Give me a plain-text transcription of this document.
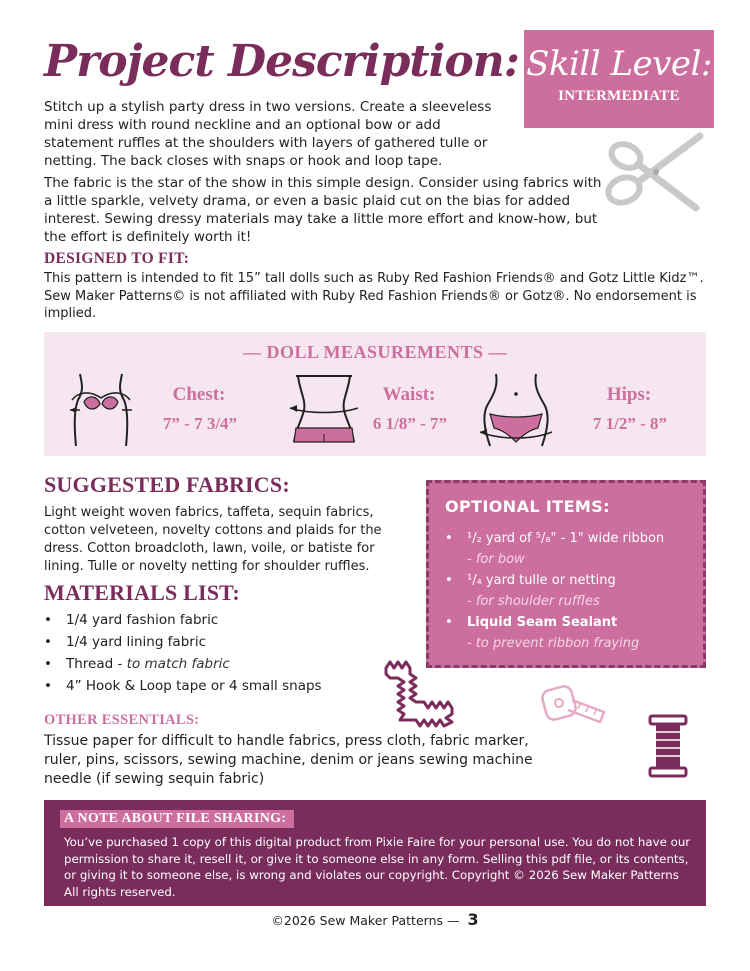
Project Description: Skill Level:
INTERMEDIATE

Stitch up a stylish party dress in two versions. Create a sleeveless mini dress with round neckline and an optional bow or add statement ruffles at the shoulders with layers of gathered tulle or netting. The back closes with snaps or hook and loop tape.

The fabric is the star of the show in this simple design. Consider using fabrics with a little sparkle, velvety drama, or even a basic plaid cut on the bias for added interest. Sewing dressy materials may take a little more effort and know-how, but the effort is definitely worth it!

DESIGNED TO FIT:

This pattern is intended to fit 15” tall dolls such as Ruby Red Fashion Friends® and Gotz Little Kidz™. Sew Maker Patterns© is not affiliated with Ruby Red Fashion Friends® or Gotz®. No endorsement is implied.

— DOLL MEASUREMENTS —
Chest:
7” - 7 3/4”
Waist:
6 1/8” - 7”
Hips:
7 1/2” - 8”
SUGGESTED FABRICS:

Light weight woven fabrics, taffeta, sequin fabrics, cotton velveteen, novelty cottons and plaids for the dress. Cotton broadcloth, lawn, voile, or batiste for lining. Tulle or novelty netting for shoulder ruffles.

MATERIALS LIST:
• 1/4 yard fashion fabric
• 1/4 yard lining fabric
• Thread - to match fabric
• 4” Hook & Loop tape or 4 small snaps
OPTIONAL ITEMS:
• ¹/₂ yard of ⁵/₈" - 1" wide ribbon
- for bow
• ¹/₄ yard tulle or netting
- for shoulder ruffles
• Liquid Seam Sealant
- to prevent ribbon fraying
OTHER ESSENTIALS:

Tissue paper for difficult to handle fabrics, press cloth, fabric marker, ruler, pins, scissors, sewing machine, denim or jeans sewing machine needle (if sewing sequin fabric)

A NOTE ABOUT FILE SHARING:

You’ve purchased 1 copy of this digital product from Pixie Faire for your personal use. You do not have our permission to share it, resell it, or give it to someone else in any form. Selling this pdf file, or its contents, or giving it to someone else, is wrong and violates our copyright. Copyright © 2026 Sew Maker Patterns All rights reserved.

©2026 Sew Maker Patterns — 3
